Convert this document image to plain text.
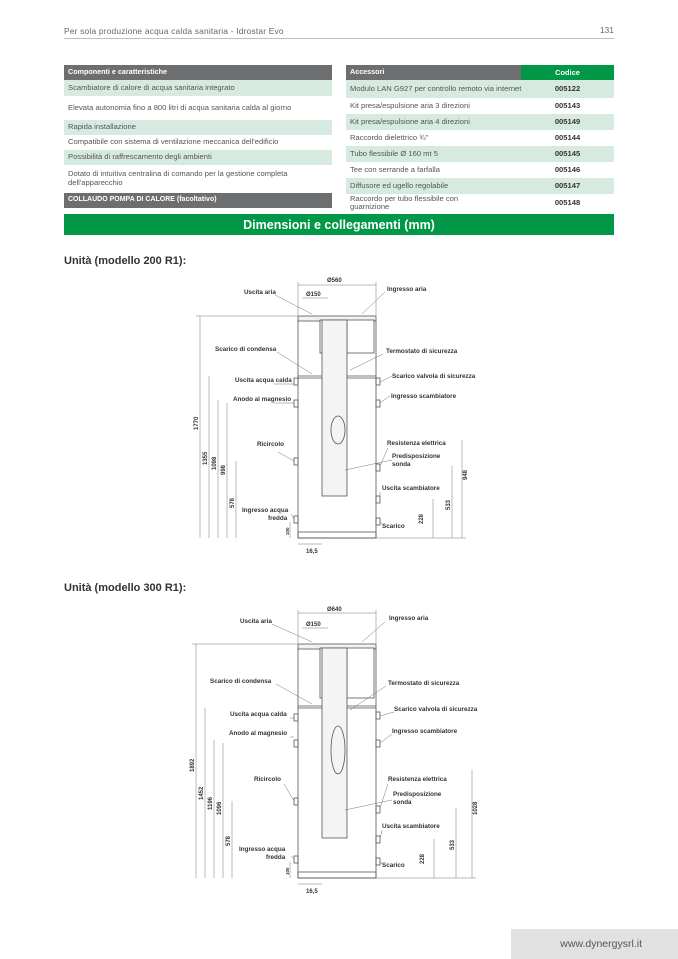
Per sola produzione acqua calda sanitaria - Idrostar Evo	131
Componenti e caratteristiche
Scambiatore di calore di acqua sanitaria integrato
Elevata autonomia fino a 800 litri di acqua sanitaria calda al giorno
Rapida installazione
Compatibile con sistema di ventilazione meccanica dell'edificio
Possibilità di raffrescamento degli ambienti
Dotato di intuitiva centralina di comando per la gestione completa dell'apparecchio
COLLAUDO POMPA DI CALORE (facoltativo)
Accessori	Codice
Modulo LAN G927 per controllo remoto via internet	005122
Kit presa/espulsione aria 3 direzioni	005143
Kit presa/espulsione aria 4 direzioni	005149
Raccordo dielettrico ¾"	005144
Tubo flessibile Ø 160 mt 5	005145
Tee con serrande a farfalla	005146
Diffusore ed ugello regolabile	005147
Raccordo per tubo flessibile con guarnizione	005148
Dimensioni e collegamenti (mm)
Unità (modello 200 R1):
Ø560
Ø150
Uscita aria	Ingresso aria
Scarico di condensa
Uscita acqua calda
Anodo al magnesio
Ricircolo
Ingresso acqua
fredda
Termostato di sicurezza
Scarico valvola di sicurezza
Ingresso scambiatore
Resistenza elettrica
Predisposizione
sonda
Uscita scambiatore
Scarico
1770
1355 1098 998
578
100
948
533
228
16,5
Unità (modello 300 R1):
Ø640
Ø150
Uscita aria	Ingresso aria
Scarico di condensa
Uscita acqua calda
Anodo al magnesio
Ricircolo
Ingresso acqua
fredda
Termostato di sicurezza
Scarico valvola di sicurezza
Ingresso scambiatore
Resistenza elettrica
Predisposizione
sonda
Uscita scambiatore
Scarico
1892
1452
1196 1096
578
100
1028
533
228
16,5
www.dynergysrl.it
